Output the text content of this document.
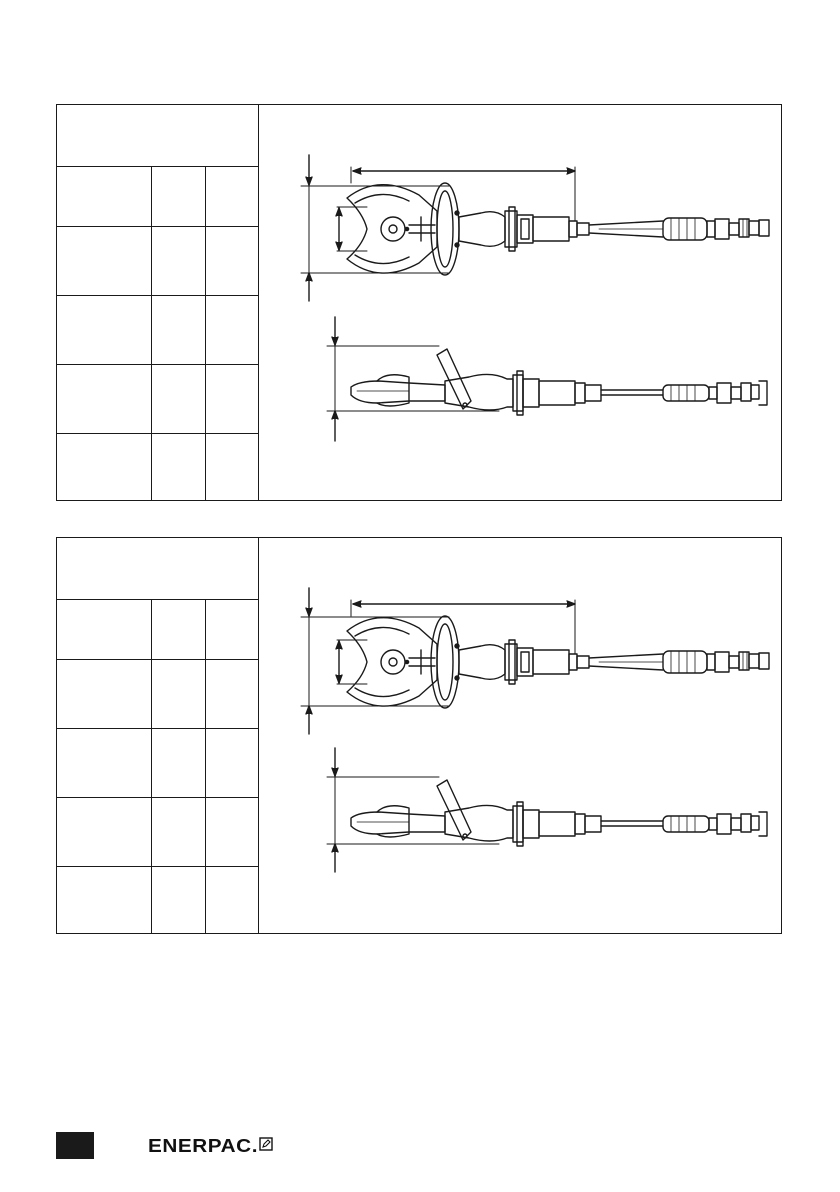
ENERPAC.
